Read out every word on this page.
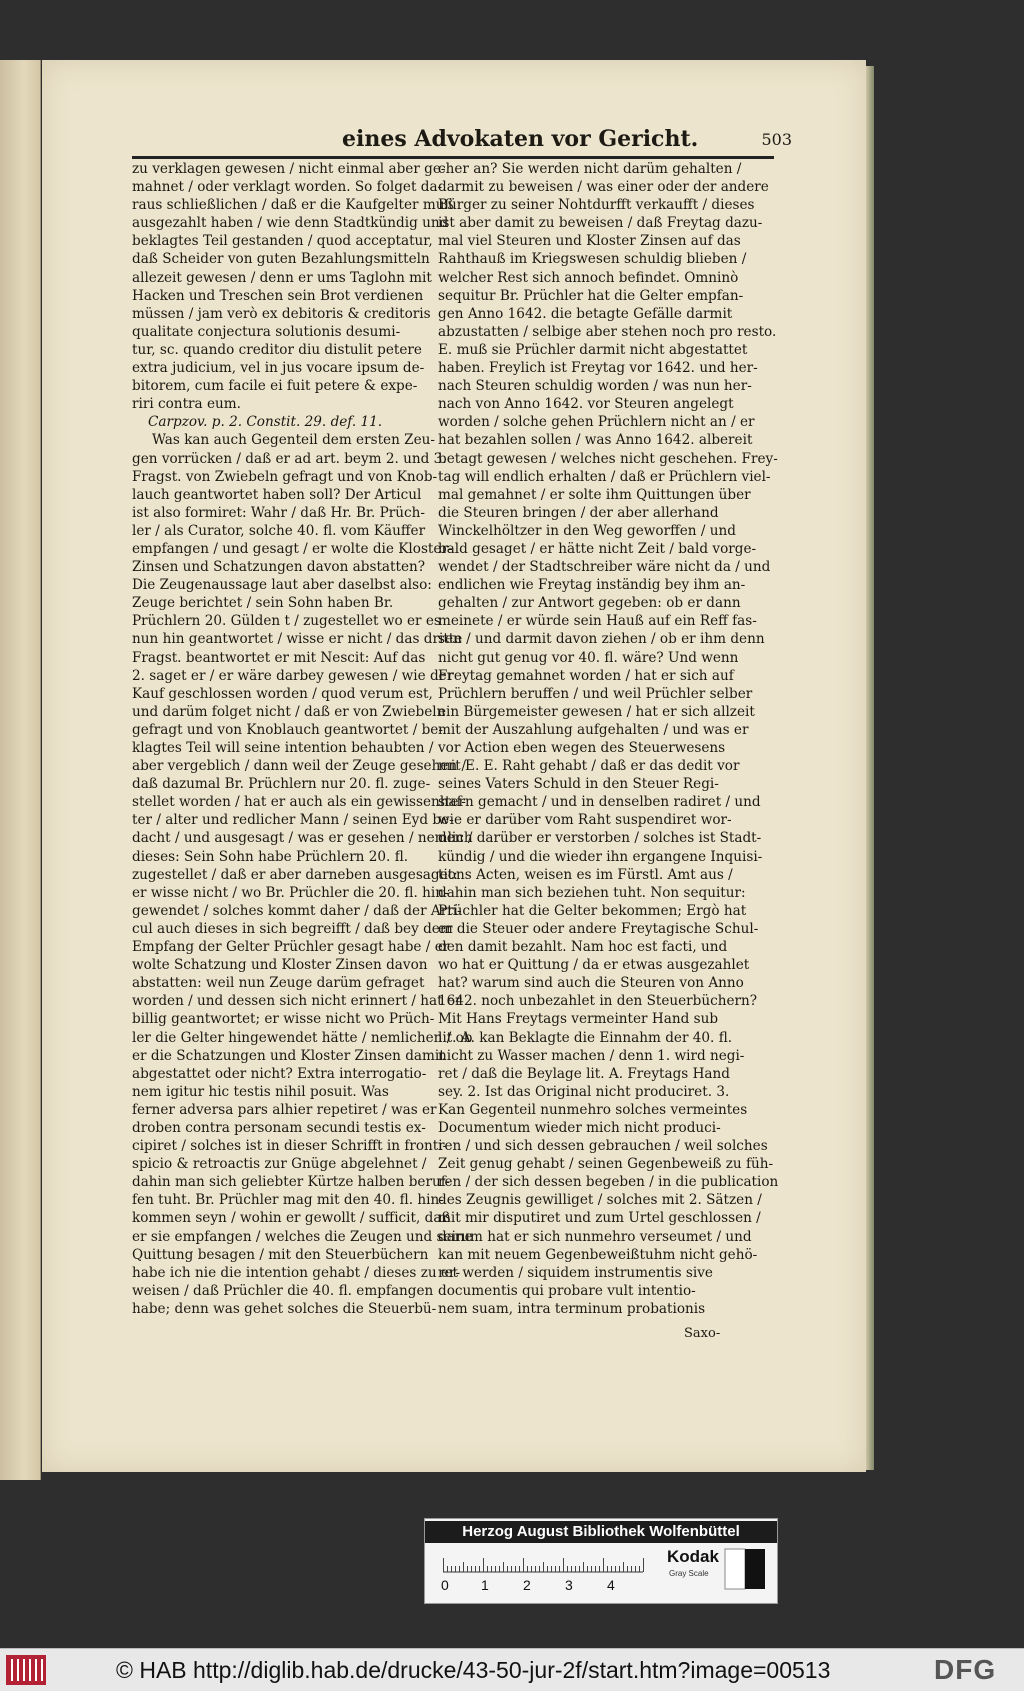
eines Advokaten vor Gericht.	503
zu verklagen gewesen / nicht einmal aber ge-
mahnet / oder verklagt worden. So folget da-
raus schließlichen / daß er die Kaufgelter muß
ausgezahlt haben / wie denn Stadtkündig und
beklagtes Teil gestanden / quod acceptatur,
daß Scheider von guten Bezahlungsmitteln
allezeit gewesen / denn er ums Taglohn mit
Hacken und Treschen sein Brot verdienen
müssen / jam verò ex debitoris & creditoris
qualitate conjectura solutionis desumi-
tur, sc. quando creditor diu distulit petere
extra judicium, vel in jus vocare ipsum de-
bitorem, cum facile ei fuit petere & expe-
riri contra eum.
Carpzov. p. 2. Constit. 29. def. 11.
Was kan auch Gegenteil dem ersten Zeu-
gen vorrücken / daß er ad art. beym 2. und 3.
Fragst. von Zwiebeln gefragt und von Knob-
lauch geantwortet haben soll? Der Articul
ist also formiret: Wahr / daß Hr. Br. Prüch-
ler / als Curator, solche 40. fl. vom Käuffer
empfangen / und gesagt / er wolte die Kloster-
Zinsen und Schatzungen davon abstatten?
Die Zeugenaussage laut aber daselbst also:
Zeuge berichtet / sein Sohn haben Br.
Prüchlern 20. Gülden t / zugestellet wo er es
nun hin geantwortet / wisse er nicht / das dritte
Fragst. beantwortet er mit Nescit: Auf das
2. saget er / er wäre darbey gewesen / wie der
Kauf geschlossen worden / quod verum est,
und darüm folget nicht / daß er von Zwiebeln
gefragt und von Knoblauch geantwortet / be-
klagtes Teil will seine intention behaubten /
aber vergeblich / dann weil der Zeuge gesehen /
daß dazumal Br. Prüchlern nur 20. fl. zuge-
stellet worden / hat er auch als ein gewissenhaf-
ter / alter und redlicher Mann / seinen Eyd be-
dacht / und ausgesagt / was er gesehen / nemlich
dieses: Sein Sohn habe Prüchlern 20. fl.
zugestellet / daß er aber darneben ausgesaget:
er wisse nicht / wo Br. Prüchler die 20. fl. hin-
gewendet / solches kommt daher / daß der Arti-
cul auch dieses in sich begreifft / daß bey dem
Empfang der Gelter Prüchler gesagt habe / er
wolte Schatzung und Kloster Zinsen davon
abstatten: weil nun Zeuge darüm gefraget
worden / und dessen sich nicht erinnert / hat er
billig geantwortet; er wisse nicht wo Prüch-
ler die Gelter hingewendet hätte / nemlichen / ob
er die Schatzungen und Kloster Zinsen damit
abgestattet oder nicht? Extra interrogatio-
nem igitur hic testis nihil posuit. Was
ferner adversa pars alhier repetiret / was er
droben contra personam secundi testis ex-
cipiret / solches ist in dieser Schrifft in fronti-
spicio & retroactis zur Gnüge abgelehnet /
dahin man sich geliebter Kürtze halben beruf-
fen tuht. Br. Prüchler mag mit den 40. fl. hin-
kommen seyn / wohin er gewollt / sufficit, daß
er sie empfangen / welches die Zeugen und seine
Quittung besagen / mit den Steuerbüchern
habe ich nie die intention gehabt / dieses zu er-
weisen / daß Prüchler die 40. fl. empfangen
habe; denn was gehet solches die Steuerbü-
cher an? Sie werden nicht darüm gehalten /
darmit zu beweisen / was einer oder der andere
Bürger zu seiner Nohtdurfft verkaufft / dieses
ist aber damit zu beweisen / daß Freytag dazu-
mal viel Steuren und Kloster Zinsen auf das
Rahthauß im Kriegswesen schuldig blieben /
welcher Rest sich annoch befindet. Omninò
sequitur Br. Prüchler hat die Gelter empfan-
gen Anno 1642. die betagte Gefälle darmit
abzustatten / selbige aber stehen noch pro resto.
E. muß sie Prüchler darmit nicht abgestattet
haben. Freylich ist Freytag vor 1642. und her-
nach Steuren schuldig worden / was nun her-
nach von Anno 1642. vor Steuren angelegt
worden / solche gehen Prüchlern nicht an / er
hat bezahlen sollen / was Anno 1642. albereit
betagt gewesen / welches nicht geschehen. Frey-
tag will endlich erhalten / daß er Prüchlern viel-
mal gemahnet / er solte ihm Quittungen über
die Steuren bringen / der aber allerhand
Winckelhöltzer in den Weg geworffen / und
bald gesaget / er hätte nicht Zeit / bald vorge-
wendet / der Stadtschreiber wäre nicht da / und
endlichen wie Freytag inständig bey ihm an-
gehalten / zur Antwort gegeben: ob er dann
meinete / er würde sein Hauß auf ein Reff fas-
sen / und darmit davon ziehen / ob er ihm denn
nicht gut genug vor 40. fl. wäre? Und wenn
Freytag gemahnet worden / hat er sich auf
Prüchlern beruffen / und weil Prüchler selber
ein Bürgemeister gewesen / hat er sich allzeit
mit der Auszahlung aufgehalten / und was er
vor Action eben wegen des Steuerwesens
mit E. E. Raht gehabt / daß er das dedit vor
seines Vaters Schuld in den Steuer Regi-
stern gemacht / und in denselben radiret / und
wie er darüber vom Raht suspendiret wor-
den / darüber er verstorben / solches ist Stadt-
kündig / und die wieder ihn ergangene Inquisi-
tions Acten, weisen es im Fürstl. Amt aus /
dahin man sich beziehen tuht. Non sequitur:
Prüchler hat die Gelter bekommen; Ergò hat
er die Steuer oder andere Freytagische Schul-
den damit bezahlt. Nam hoc est facti, und
wo hat er Quittung / da er etwas ausgezahlet
hat? warum sind auch die Steuren von Anno
1642. noch unbezahlet in den Steuerbüchern?
Mit Hans Freytags vermeinter Hand sub
lit. A. kan Beklagte die Einnahm der 40. fl.
nicht zu Wasser machen / denn 1. wird negi-
ret / daß die Beylage lit. A. Freytags Hand
sey. 2. Ist das Original nicht produciret. 3.
Kan Gegenteil nunmehro solches vermeintes
Documentum wieder mich nicht produci-
ren / und sich dessen gebrauchen / weil solches
Zeit genug gehabt / seinen Gegenbeweiß zu füh-
ren / der sich dessen begeben / in die publication
des Zeugnis gewilliget / solches mit 2. Sätzen /
mit mir disputiret und zum Urtel geschlossen /
darum hat er sich nunmehro verseumet / und
kan mit neuem Gegenbeweißtuhm nicht gehö-
ret werden / siquidem instrumentis sive
documentis qui probare vult intentio-
nem suam, intra terminum probationis
Saxo-
Herzog August Bibliothek Wolfenbüttel
0 1 2 3 4
Kodak
Gray Scale
© HAB http://diglib.hab.de/drucke/43-50-jur-2f/start.htm?image=00513	DFG
